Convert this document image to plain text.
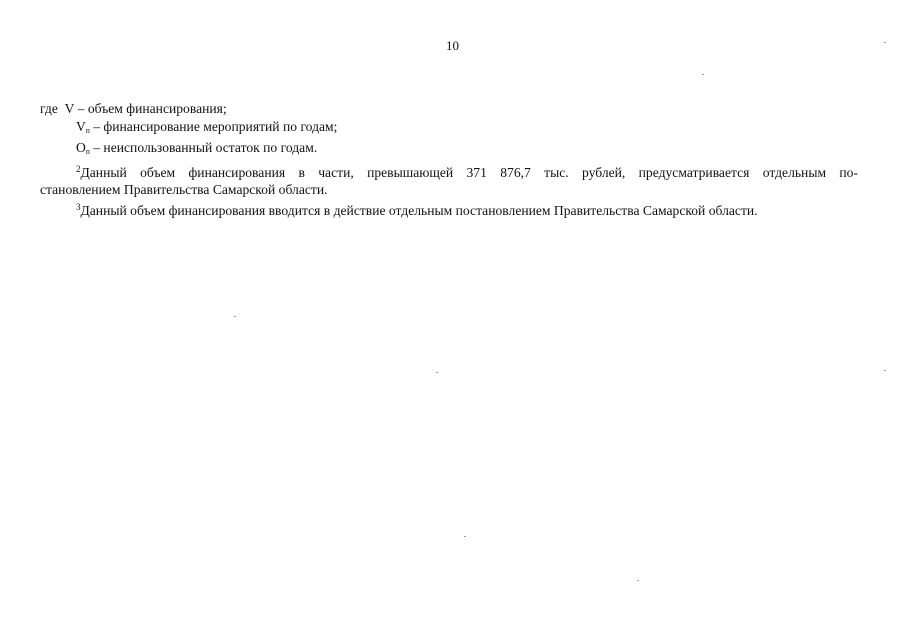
10
где V – объем финансирования;
$V_n$ – финансирование мероприятий по годам;
$O_n$ – неиспользованный остаток по годам.
$^2$Данный объем финансирования в части, превышающей 371 876,7 тыс. рублей, предусматривается отдельным по-
становлением Правительства Самарской области.
$^3$Данный объем финансирования вводится в действие отдельным постановлением Правительства Самарской области.
